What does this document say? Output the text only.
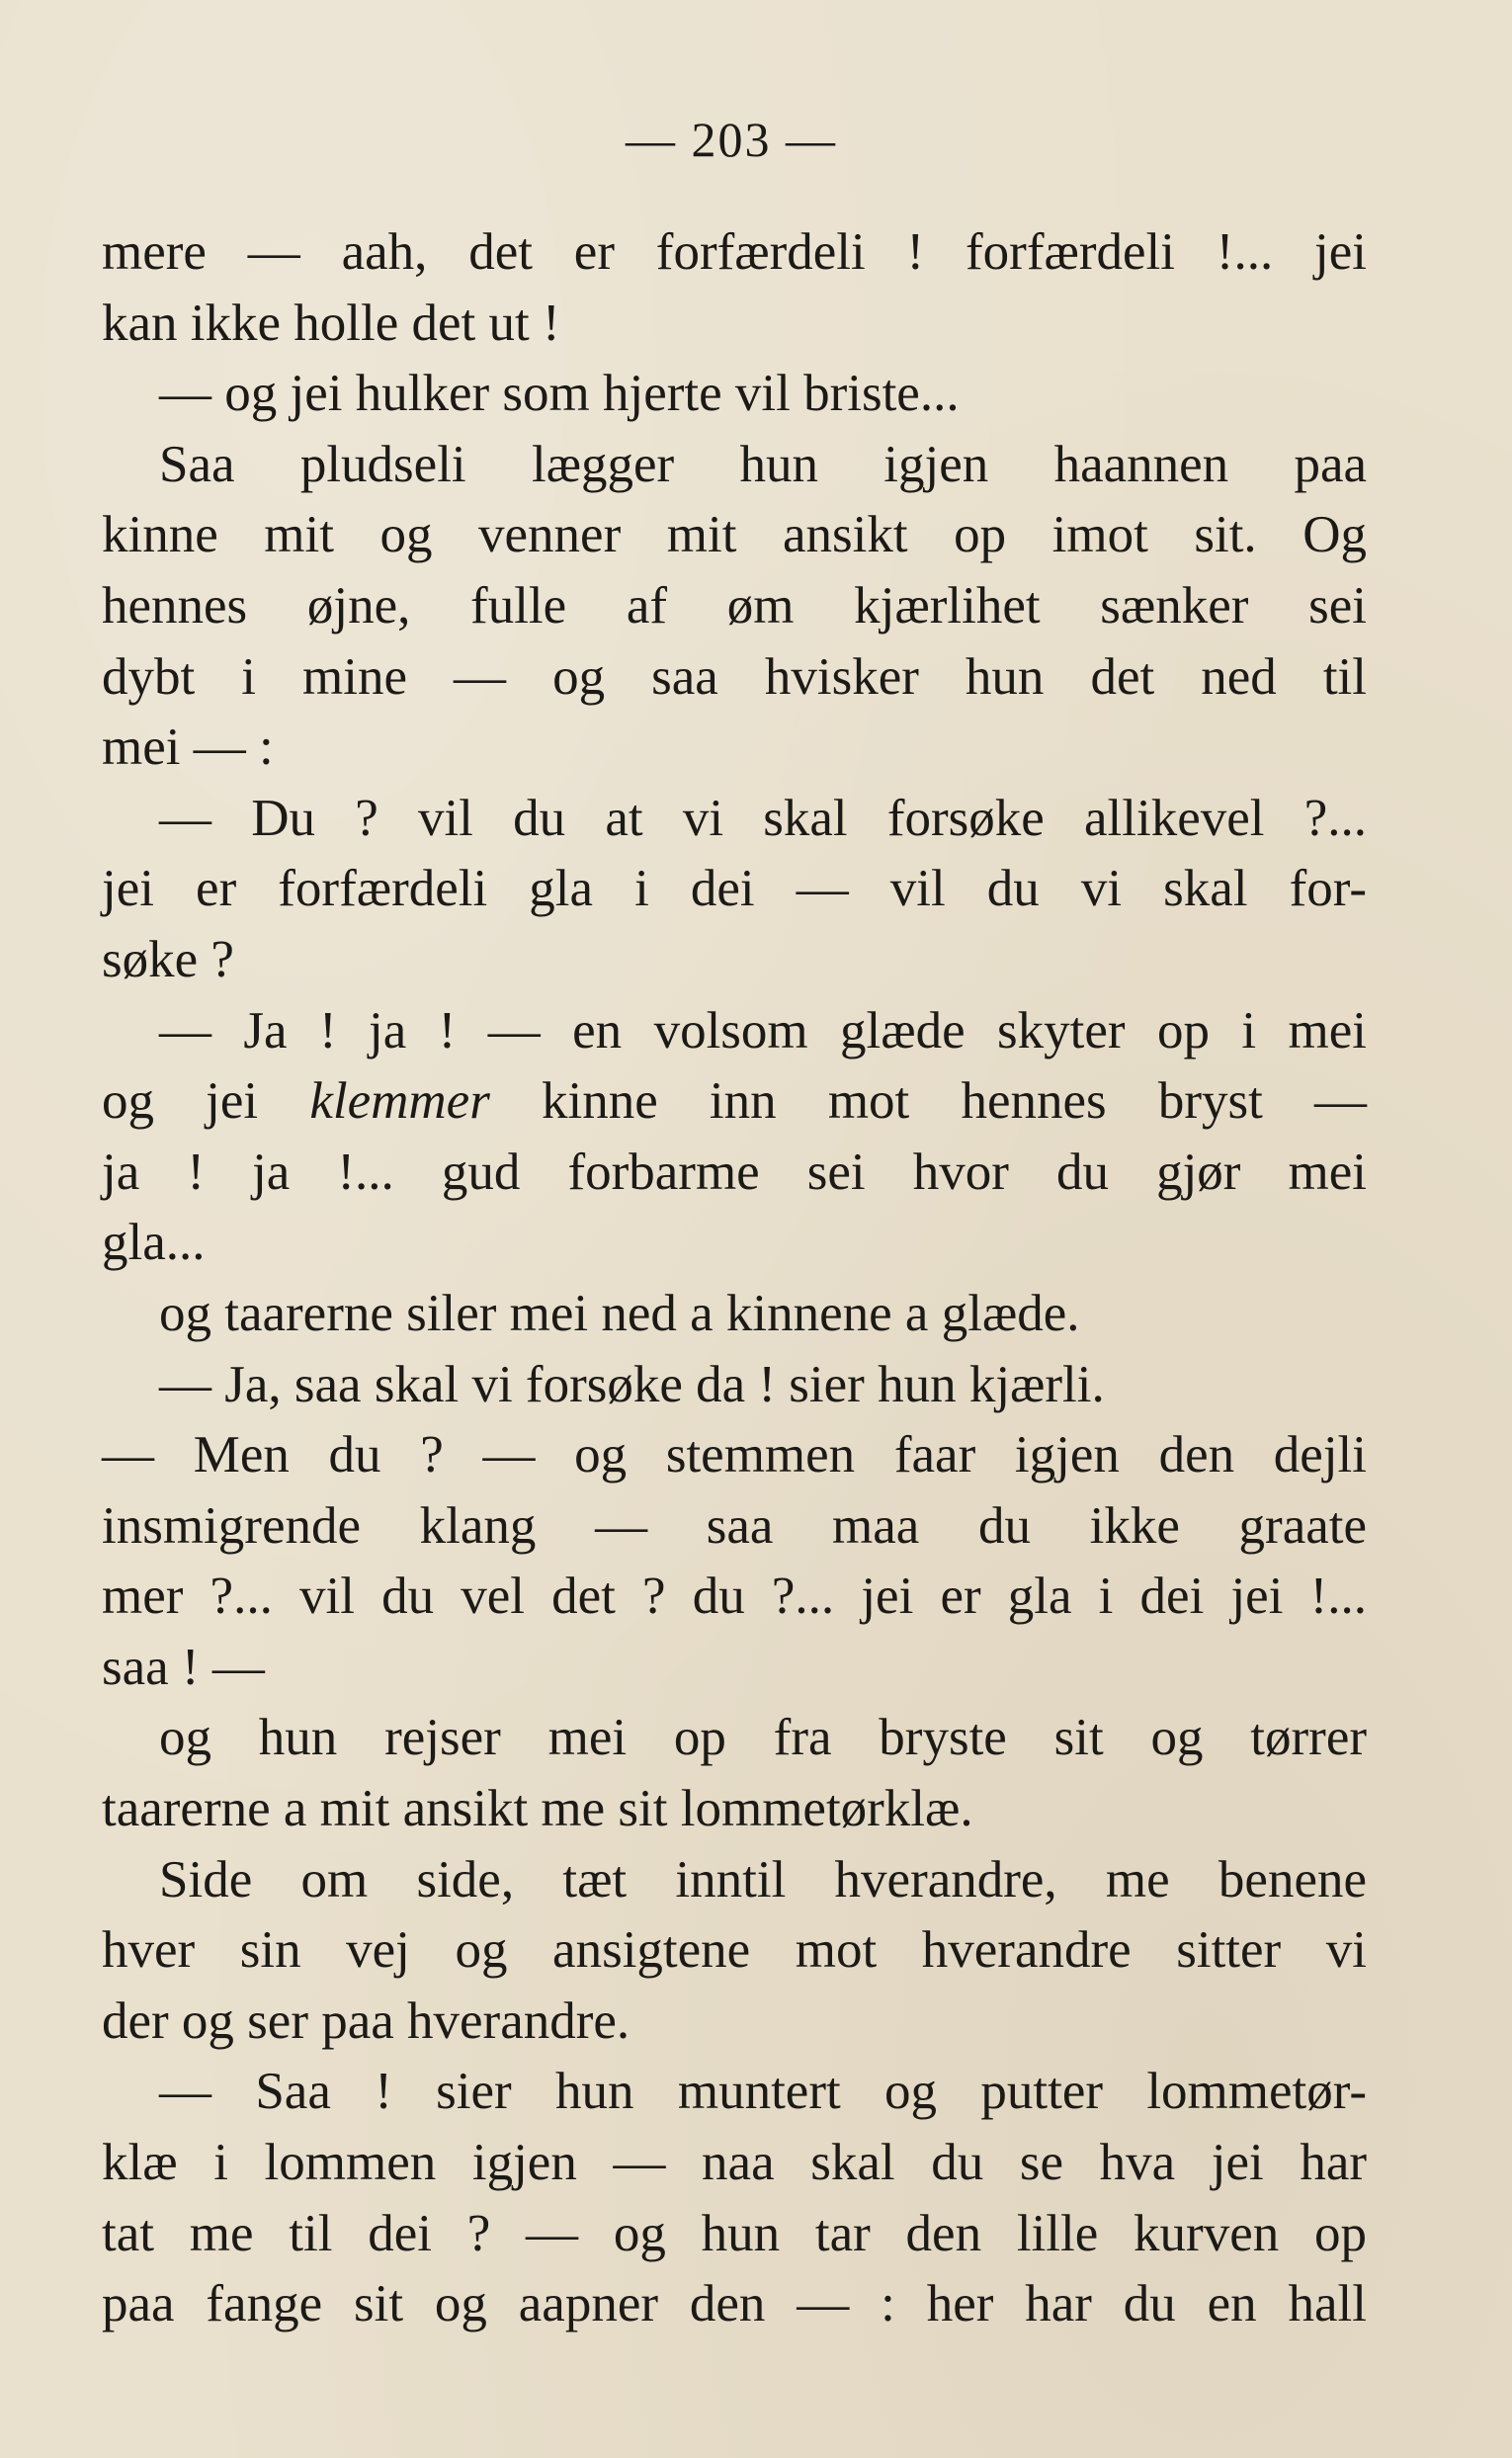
— 203 —
mere — aah, det er forfærdeli ! forfærdeli !... jei
kan ikke holle det ut !
— og jei hulker som hjerte vil briste...
Saa pludseli lægger hun igjen haannen paa
kinne mit og venner mit ansikt op imot sit. Og
hennes øjne, fulle af øm kjærlihet sænker sei
dybt i mine — og saa hvisker hun det ned til
mei — :
— Du ? vil du at vi skal forsøke allikevel ?...
jei er forfærdeli gla i dei — vil du vi skal for-
søke ?
— Ja ! ja ! — en volsom glæde skyter op i mei
og jei klemmer kinne inn mot hennes bryst —
ja ! ja !... gud forbarme sei hvor du gjør mei
gla...
og taarerne siler mei ned a kinnene a glæde.
— Ja, saa skal vi forsøke da ! sier hun kjærli.
— Men du ? — og stemmen faar igjen den dejli
insmigrende klang — saa maa du ikke graate
mer ?... vil du vel det ? du ?... jei er gla i dei jei !...
saa ! —
og hun rejser mei op fra bryste sit og tørrer
taarerne a mit ansikt me sit lommetørklæ.
Side om side, tæt inntil hverandre, me benene
hver sin vej og ansigtene mot hverandre sitter vi
der og ser paa hverandre.
— Saa ! sier hun muntert og putter lommetør-
klæ i lommen igjen — naa skal du se hva jei har
tat me til dei ? — og hun tar den lille kurven op
paa fange sit og aapner den — : her har du en hall
